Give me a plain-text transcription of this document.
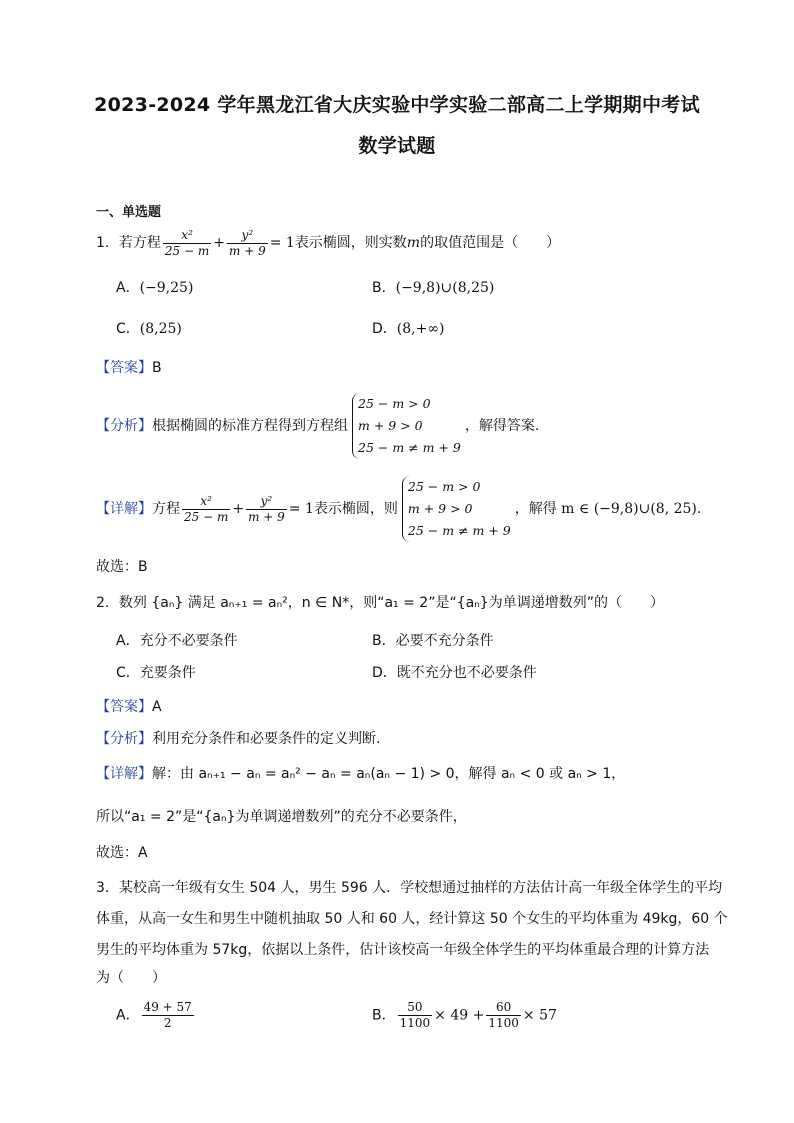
2023-2024 学年黑龙江省大庆实验中学实验二部高二上学期期中考试
数学试题
一、单选题
1．若方程 $\frac{\text{x²}}{25 - m} + \frac{\text{y²}}{m + 9} = 1$表示椭圆，则实数m的取值范围是（　　）
A．(−9,25)	B．(−9,8)∪(8,25)
C．(8,25)	D．(8,+∞)
【答案】B
【分析】根据椭圆的标准方程得到方程组
25 − m > 0
m + 9 > 0
25 − m ≠ m + 9
，解得答案.
【详解】方程 $\frac{\text{x²}}{25 - m} + \frac{\text{y²}}{m + 9} = 1$表示椭圆，则
25 − m > 0
m + 9 > 0
25 − m ≠ m + 9
，解得 m ∈ (−9,8)∪(8, 25).
故选：B
2．数列 {aₙ} 满足 aₙ₊₁ = aₙ²，n ∈ N*，则“a₁ = 2”是“{aₙ}为单调递增数列”的（　　）
A．充分不必要条件	B．必要不充分条件
C．充要条件	D．既不充分也不必要条件
【答案】A
【分析】利用充分条件和必要条件的定义判断.
【详解】解：由 aₙ₊₁ − aₙ = aₙ² − aₙ = aₙ(aₙ − 1) > 0，解得 aₙ < 0 或 aₙ > 1，
所以“a₁ = 2”是“{aₙ}为单调递增数列”的充分不必要条件，
故选：A
3．某校高一年级有女生 504 人，男生 596 人．学校想通过抽样的方法估计高一年级全体学生的平均
体重，从高一女生和男生中随机抽取 50 人和 60 人，经计算这 50 个女生的平均体重为 49kg，60 个
男生的平均体重为 57kg，依据以上条件，估计该校高一年级全体学生的平均体重最合理的计算方法
为（　　）
A． $\frac{49 + 57}{2}$	B． $\frac{50}{1100} \times 49 + \frac{60}{1100} \times 57$
